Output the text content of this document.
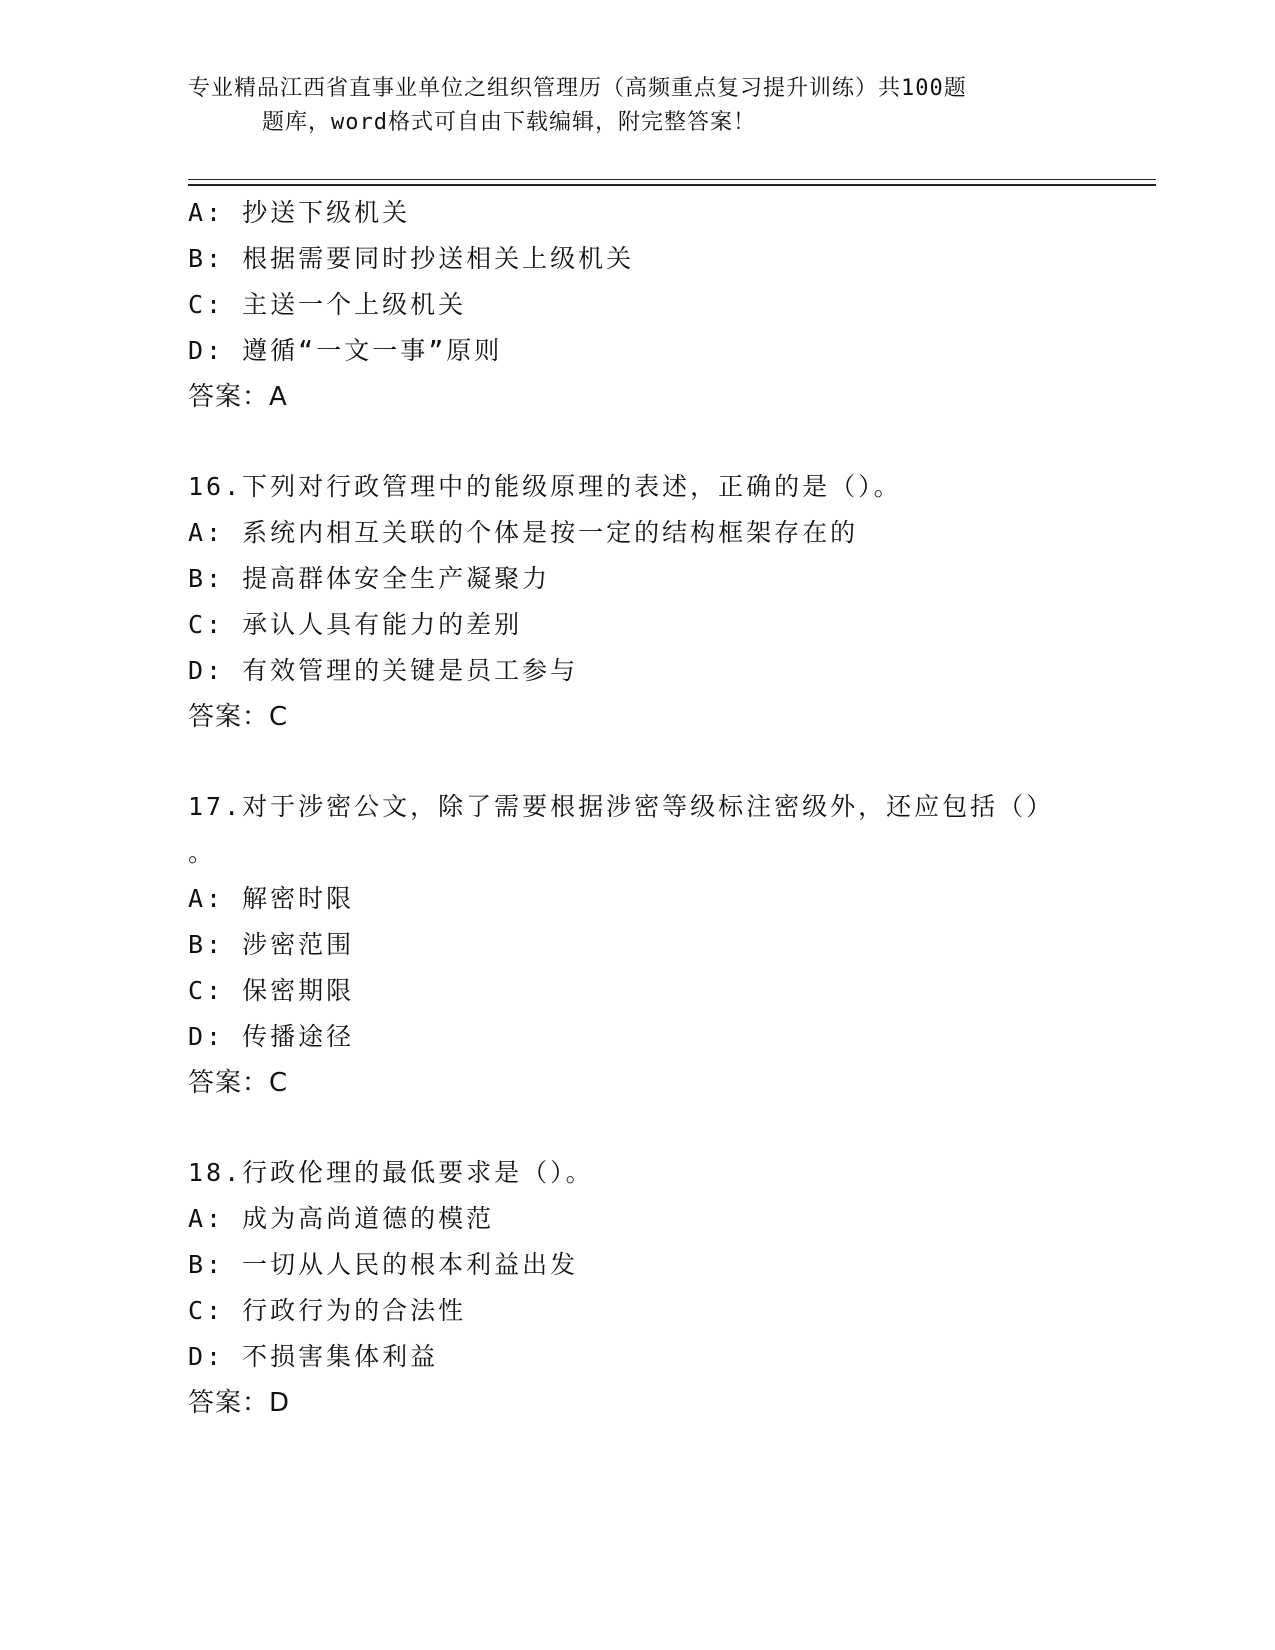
专业精品江西省直事业单位之组织管理历（高频重点复习提升训练）共100题
题库，word格式可自由下载编辑，附完整答案！
A: 抄送下级机关
B: 根据需要同时抄送相关上级机关
C: 主送一个上级机关
D: 遵循“一文一事”原则
答案：A
16.下列对行政管理中的能级原理的表述，正确的是（）。
A: 系统内相互关联的个体是按一定的结构框架存在的
B: 提高群体安全生产凝聚力
C: 承认人具有能力的差别
D: 有效管理的关键是员工参与
答案：C
17.对于涉密公文，除了需要根据涉密等级标注密级外，还应包括（）
。
A: 解密时限
B: 涉密范围
C: 保密期限
D: 传播途径
答案：C
18.行政伦理的最低要求是（）。
A: 成为高尚道德的模范
B: 一切从人民的根本利益出发
C: 行政行为的合法性
D: 不损害集体利益
答案：D
